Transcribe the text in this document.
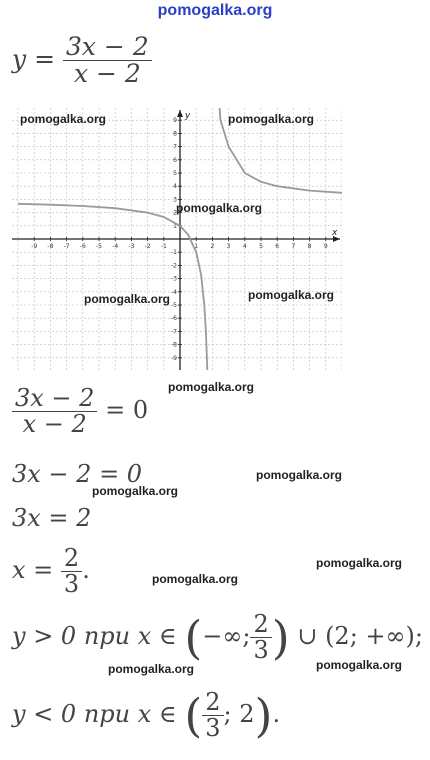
pomogalka.org
$y = \frac{3x - 2}{x - 2}$
x
y
-9 -8 -7 -6 -5 -4 -3 -2 -1	1 2 3 4 5 6 7 8 9
9
8
7
6
5
4
3
2
1
-1
-2
-3
-4
-5
-6
-7
-8
-9
pomogalka.org	pomogalka.org
pomogalka.org
pomogalka.org	pomogalka.org
$\frac{3x - 2}{x - 2} = 0$
pomogalka.org
3x − 2 = 0	pomogalka.org
pomogalka.org
3x = 2
$x = \frac{2}{3}$ .	pomogalka.org
pomogalka.org
y > 0 при x ∈ (−∞; $\frac{2}{3}$ ) ∪ (2; +∞);
pomogalka.org	pomogalka.org
y < 0 при x ∈ ( $\frac{2}{3}$ ; 2).
